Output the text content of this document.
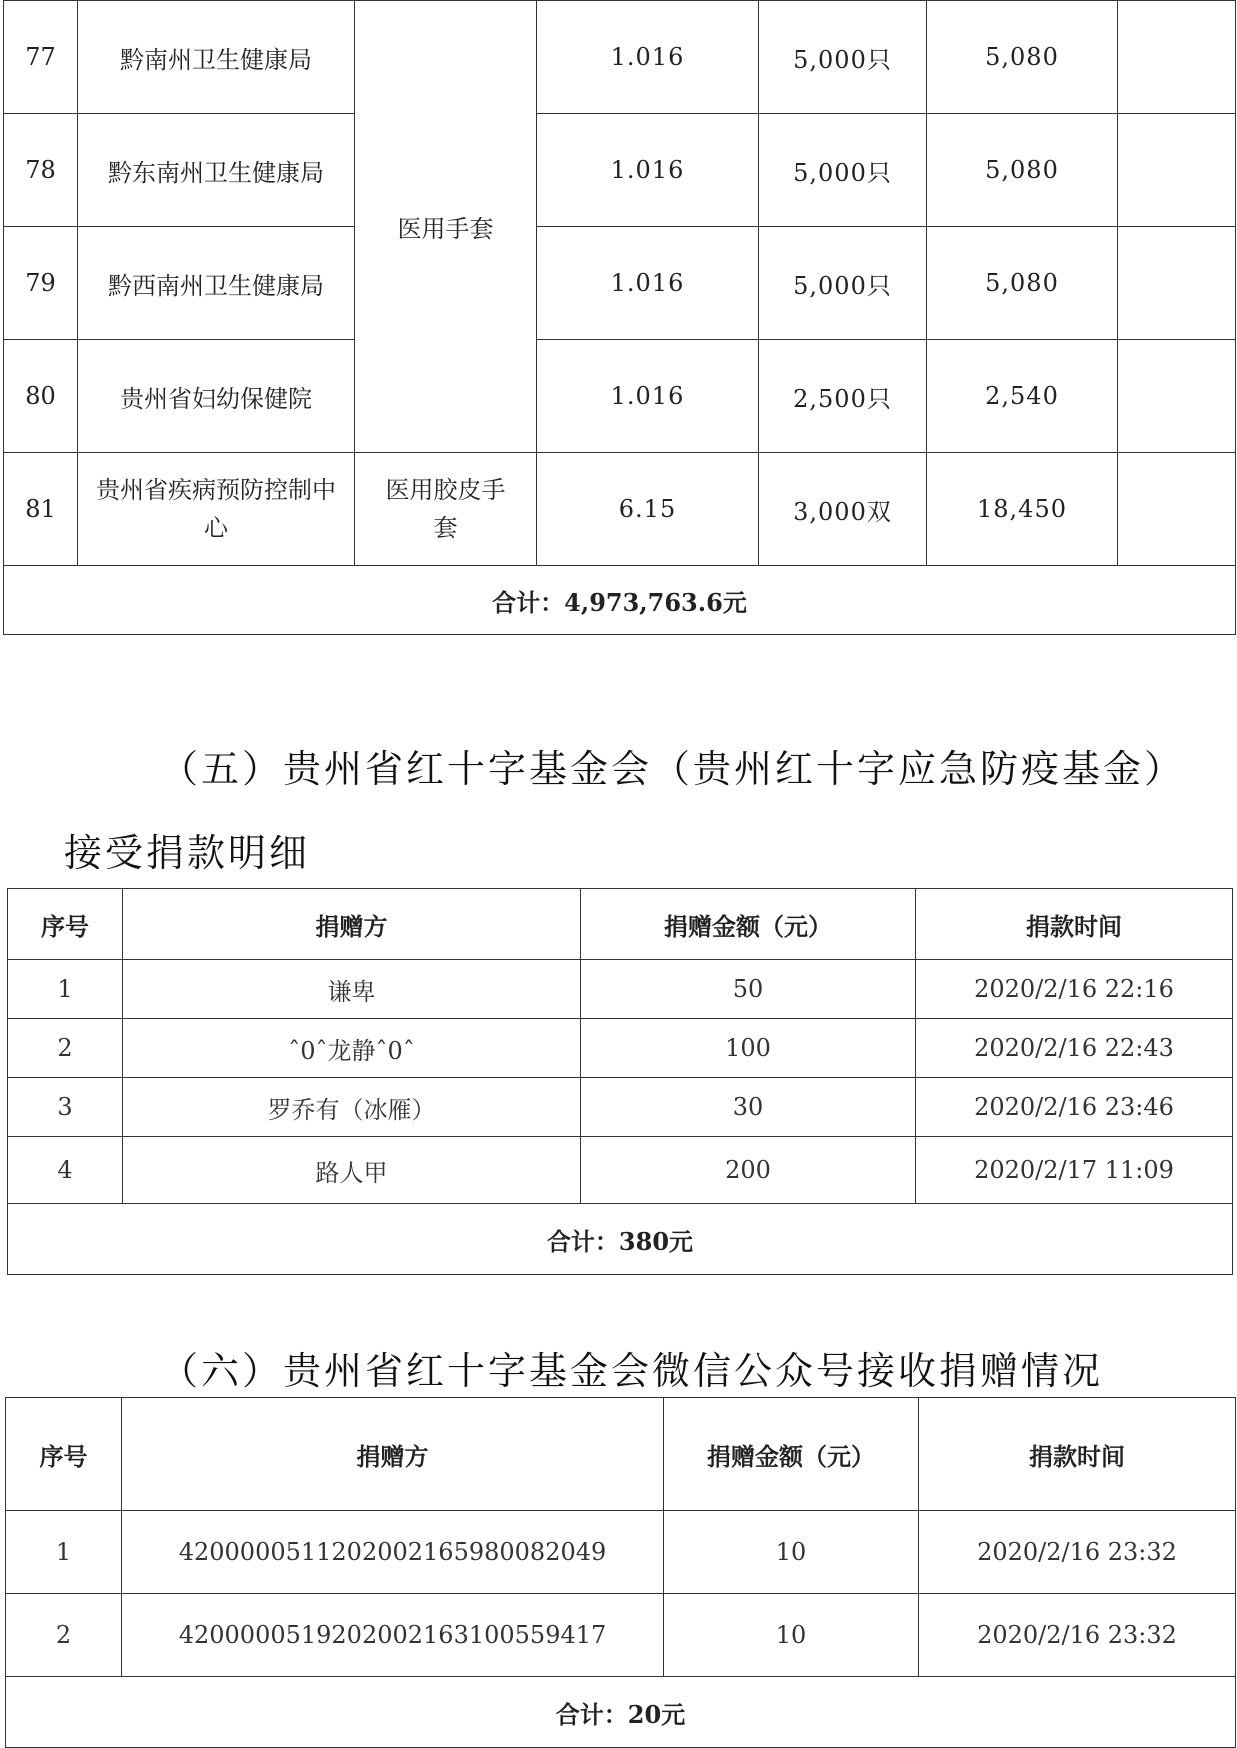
77	黔南州卫生健康局	医用手套	1.016	5,000只	5,080	
78	黔东南州卫生健康局		1.016	5,000只	5,080	
79	黔西南州卫生健康局		1.016	5,000只	5,080	
80	贵州省妇幼保健院		1.016	2,500只	2,540	
81	贵州省疾病预防控制中心	医用胶皮手套	6.15	3,000双	18,450	
合计：4,973,763.6元						
（五）贵州省红十字基金会（贵州红十字应急防疫基金）
接受捐款明细
序号	捐赠方	捐赠金额（元）	捐款时间
1	谦卑	50	2020/2/16 22:16
2	ˆ0ˆ龙静ˆ0ˆ	100	2020/2/16 22:43
3	罗乔有（冰雁）	30	2020/2/16 23:46
4	路人甲	200	2020/2/17 11:09
合计：380元			
（六）贵州省红十字基金会微信公众号接收捐赠情况
序号	捐赠方	捐赠金额（元）	捐款时间
1	4200000511202002165980082049	10	2020/2/16 23:32
2	4200000519202002163100559417	10	2020/2/16 23:32
合计：20元			
